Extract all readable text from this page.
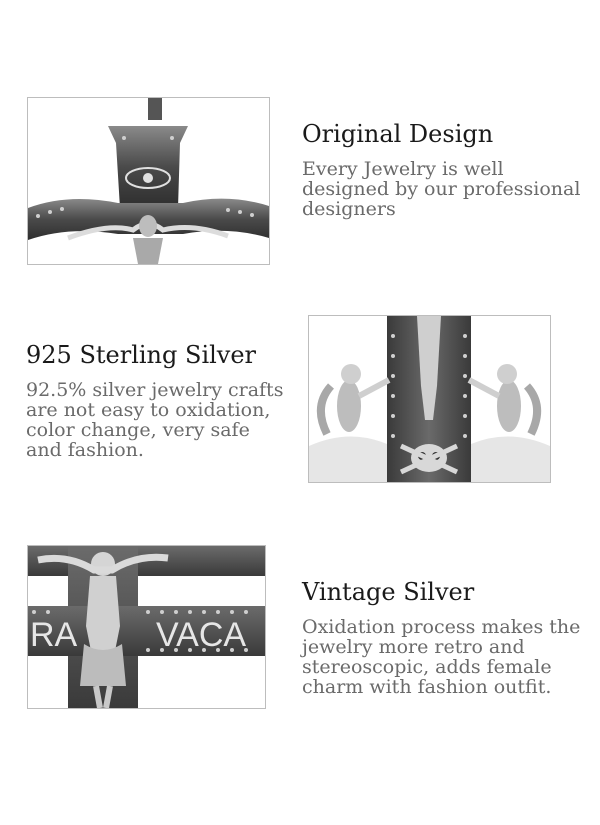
Original Design
Every Jewelry is well
designed by our professional
designers
925 Sterling Silver
92.5% silver jewelry crafts
are not easy to oxidation,
color change, very safe
and fashion.
RA VACA
Vintage Silver
Oxidation process makes the
jewelry more retro and
stereoscopic, adds female
charm with fashion outfit.
